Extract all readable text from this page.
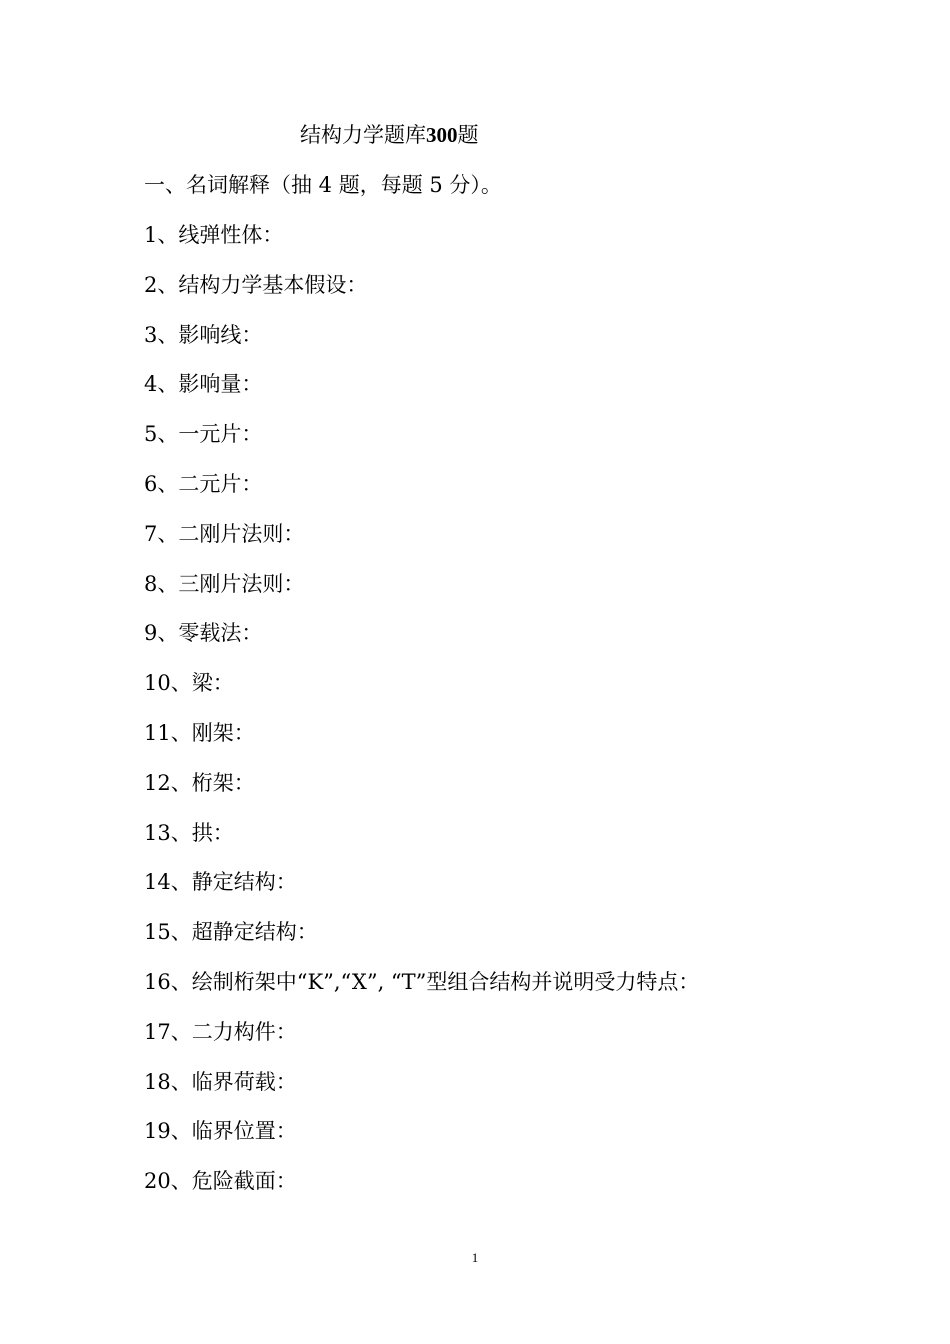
结构力学题库300题
一、名词解释（抽 4 题，每题 5 分）。
1、线弹性体：
2、结构力学基本假设：
3、影响线：
4、影响量：
5、一元片：
6、二元片：
7、二刚片法则：
8、三刚片法则：
9、零载法：
10、梁：
11、刚架：
12、桁架：
13、拱：
14、静定结构：
15、超静定结构：
16、绘制桁架中“K”,“X”, “T”型组合结构并说明受力特点：
17、二力构件：
18、临界荷载：
19、临界位置：
20、危险截面：
1
